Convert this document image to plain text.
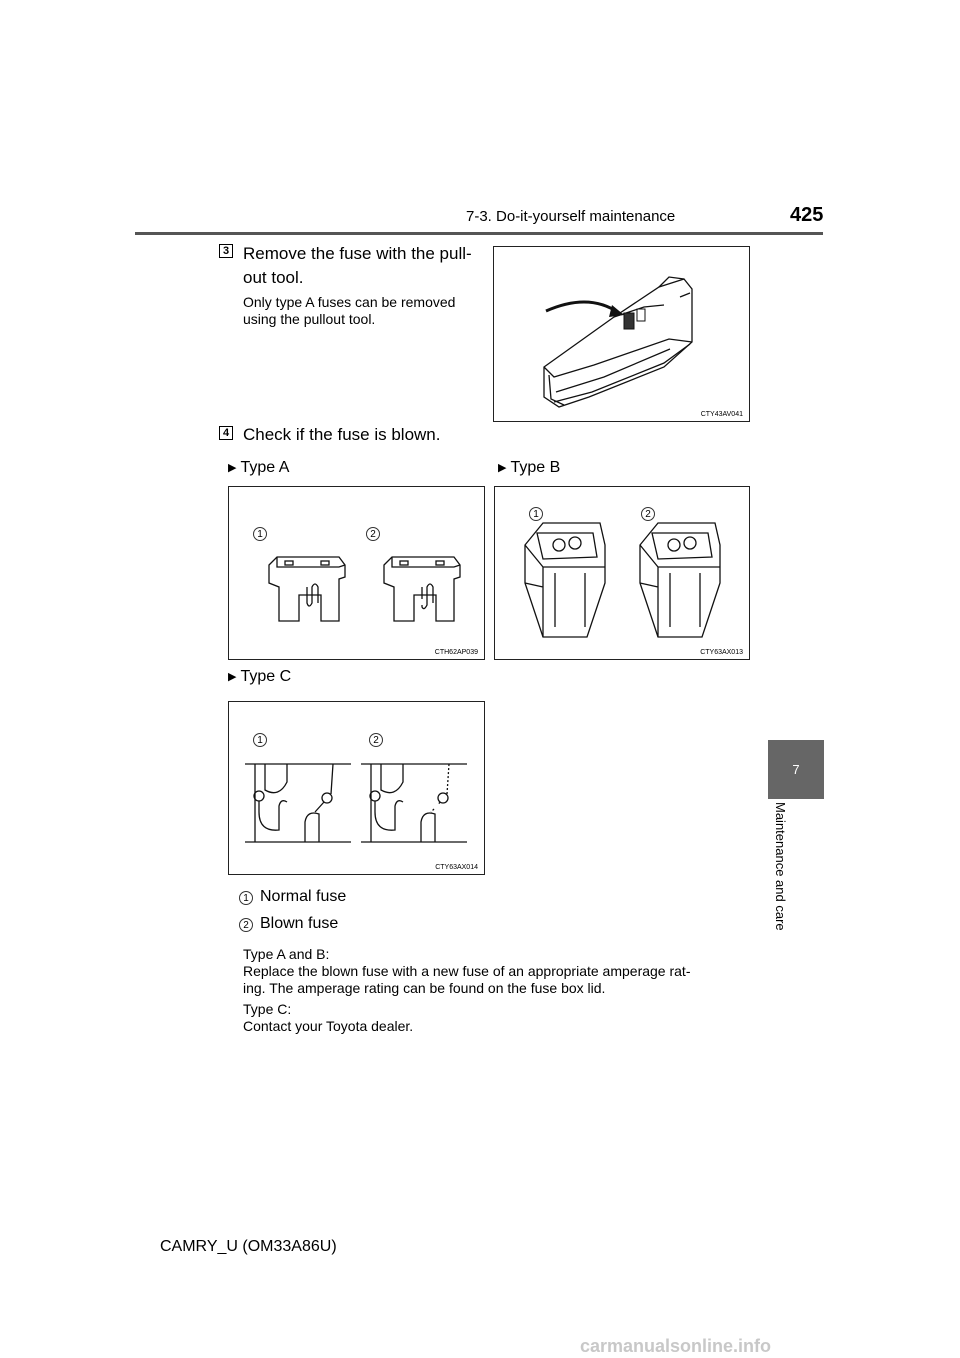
7-3. Do-it-yourself maintenance	425
7
Maintenance and care
3 Remove the fuse with the pull-
out tool.
Only type A fuses can be removed
using the pullout tool.
CTY43AV041
4 Check if the fuse is blown.
▶ Type A	▶ Type B
1	2
CTH62AP039
1	2
CTY63AX013
▶ Type C
1	2
CTY63AX014
1 Normal fuse
2 Blown fuse
Type A and B:
Replace the blown fuse with a new fuse of an appropriate amperage rat-
ing. The amperage rating can be found on the fuse box lid.
Type C:
Contact your Toyota dealer.
CAMRY_U (OM33A86U)
carmanualsonline.info
